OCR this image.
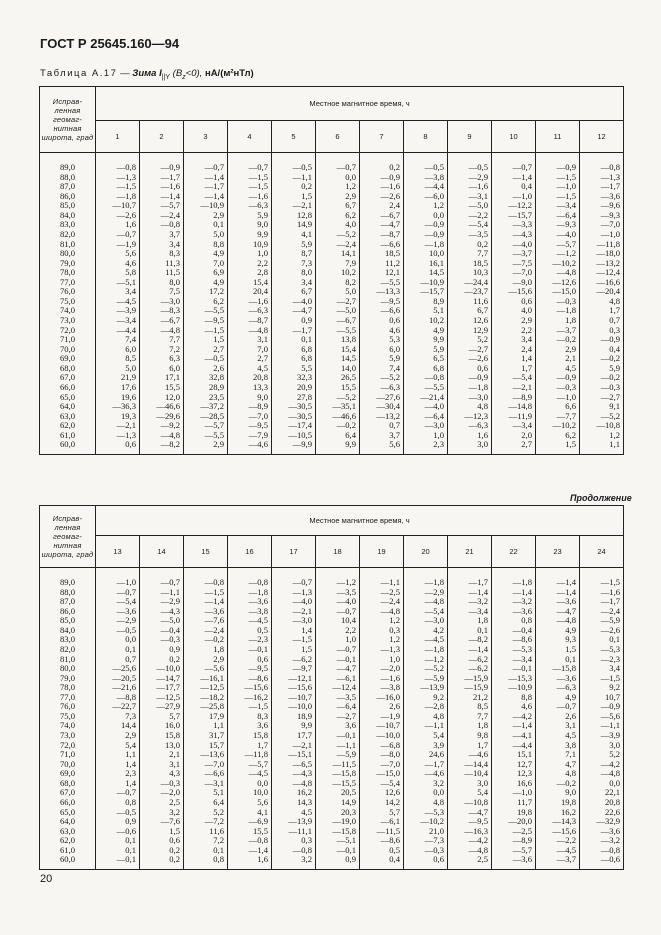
ГОСТ Р 25645.160—94
Таблица А.17 — Зима $I_{||Y}$ $(B_z<0)$, нА/(м²нТл)
Исправ-ленная геомаг-нитная широта, град	Местное магнитное время, ч											
	1	2	3	4	5	6	7	8	9	10	11	12
89,0	—0,8	—0,9	—0,7	—0,7	—0,5	—0,7	0,2	—0,5	—0,5	—0,7	—0,9	—0,8
88,0	—1,3	—1,7	—1,4	—1,5	—1,1	0,0	—0,9	—3,8	—2,9	—1,4	—1,5	—1,3
87,0	—1,5	—1,6	—1,7	—1,5	0,2	1,2	—1,6	—4,4	—1,6	0,4	—1,0	—1,7
86,0	—1,8	—1,4	—1,4	—1,6	1,5	2,9	—2,6	—6,0	—3,1	—1,0	—1,5	—3,6
85,0	—10,7	—5,7	—10,9	—6,3	—2,1	6,7	2,4	1,2	—5,0	—12,2	—3,4	—9,6
84,0	—2,6	—2,4	2,9	5,9	12,8	6,2	—6,7	0,0	—2,2	—15,7	—6,4	—9,3
83,0	1,6	—0,8	0,1	9,0	14,9	4,0	—4,7	—0,9	—5,4	—3,3	—9,3	—7,0
82,0	—0,7	3,7	5,0	9,9	4,1	—5,2	—8,7	—0,9	—3,5	—4,3	—4,0	—1,0
81,0	—1,9	3,4	8,8	10,9	5,9	—2,4	—6,6	—1,8	0,2	—4,0	—5,7	—11,8
80,0	5,6	8,3	4,9	1,0	8,7	14,1	18,5	10,0	7,7	—3,7	—1,2	—18,0
79,0	4,6	11,3	7,0	2,2	7,3	7,9	11,2	16,1	18,5	—7,5	—10,2	—13,2
78,0	5,8	11,5	6,9	2,8	8,0	10,2	12,1	14,5	10,3	—7,0	—4,8	—12,4
77,0	—5,1	8,0	4,9	15,4	3,4	8,2	—5,5	—10,9	—24,4	—9,0	—12,6	—16,6
76,0	3,4	7,5	17,2	20,4	6,7	5,0	—13,3	—15,7	—23,7	—15,6	—15,0	—20,4
75,0	—4,5	—3,0	6,2	—1,6	—4,0	—2,7	—9,5	8,9	11,6	0,6	—0,3	4,8
74,0	—3,9	—8,3	—5,5	—6,3	—4,7	—5,0	—6,6	5,1	6,7	4,0	—1,8	1,7
73,0	—3,4	—6,7	—9,5	—8,7	0,9	—6,7	0,6	10,2	12,6	2,9	1,8	0,7
72,0	—4,4	—4,8	—1,5	—4,8	—1,7	—5,5	4,6	4,9	12,9	2,2	—3,7	0,3
71,0	7,4	7,7	1,5	3,1	0,1	13,8	5,3	9,9	5,2	3,4	—0,2	—0,9
70,0	6,0	7,2	2,7	7,0	6,8	15,4	6,0	5,9	—2,7	2,4	2,9	0,4
69,0	8,5	6,3	—0,5	2,7	6,8	14,5	5,9	6,5	—2,6	1,4	2,1	—0,2
68,0	5,0	6,0	2,6	4,5	5,5	14,0	7,4	6,8	0,6	1,7	4,5	5,9
67,0	21,9	17,1	32,8	20,8	32,3	26,5	—5,2	—0,8	—0,9	—5,4	—0,9	—0,2
66,0	17,6	15,5	28,9	13,3	20,9	15,5	—6,3	—5,5	—1,8	—2,1	—0,3	—0,3
65,0	19,6	12,0	23,5	9,0	27,8	—5,2	—27,6	—21,4	—3,0	—8,9	—1,0	—2,7
64,0	—36,3	—46,6	—37,2	—8,9	—30,5	—35,1	—30,4	—4,0	4,8	—14,8	6,6	9,1
63,0	19,3	—29,6	—28,5	—7,0	—30,5	—46,6	—13,2	—6,4	—12,3	—11,9	—7,7	—5,2
62,0	—2,1	—9,2	—5,7	—9,5	—17,4	—0,2	0,7	—3,0	—6,3	—3,4	—10,2	—10,8
61,0	—1,3	—4,8	—5,5	—7,9	—10,5	6,4	3,7	1,0	1,6	2,0	6,2	1,2
60,0	0,6	—8,2	2,9	—4,6	—9,9	9,9	5,6	2,3	3,0	2,7	1,5	1,1
Продолжение
Исправ-ленная геомаг-нитная широта, град	Местное магнитное время, ч											
	13	14	15	16	17	18	19	20	21	22	23	24
89,0	—1,0	—0,7	—0,8	—0,8	—0,7	—1,2	—1,1	—1,8	—1,7	—1,8	—1,4	—1,5
88,0	—0,7	—1,1	—1,5	—1,8	—1,3	—3,5	—2,5	—2,9	—1,4	—1,4	—1,4	—1,6
87,0	—5,4	—2,9	—1,4	—3,6	—4,0	—4,0	—2,4	—4,8	—3,2	—3,2	—3,6	—1,7
86,0	—3,6	—4,3	—3,6	—3,8	—2,1	—0,7	—4,8	—5,4	—3,4	—3,6	—4,7	—2,4
85,0	—2,9	—5,0	—7,6	—4,5	—3,0	10,4	1,2	—3,0	1,8	0,8	—4,8	—5,9
84,0	—0,5	—0,4	—2,4	0,5	1,4	2,2	0,3	4,2	0,1	—0,4	4,9	—2,6
83,0	0,0	—0,3	—0,2	—2,3	—1,5	1,0	1,2	—4,5	—8,2	—8,6	9,3	0,1
82,0	0,1	0,9	1,8	—0,1	1,5	—0,7	—1,3	—1,8	—1,4	—5,3	1,5	—5,3
81,0	0,7	0,2	2,9	0,6	—6,2	—0,1	1,0	—1,2	—6,2	—3,4	0,1	—2,3
80,0	—25,6	—10,0	—5,6	—9,5	—9,7	—4,7	—2,0	—5,2	—6,2	—0,1	—15,8	3,4
79,0	—20,5	—14,7	—16,1	—8,6	—12,1	—6,1	—1,6	—5,9	—15,9	—15,3	—3,6	—1,5
78,0	—21,6	—17,7	—12,5	—15,6	—15,6	—12,4	—3,8	—13,9	—15,9	—10,9	—6,3	9,2
77,0	—8,8	—12,5	—18,2	—16,2	—10,7	—3,5	—16,0	9,2	21,2	8,8	4,9	10,7
76,0	—22,7	—27,9	—25,8	—1,5	—10,0	—6,4	2,6	—2,8	8,5	4,6	—0,7	—0,9
75,0	7,3	5,7	17,9	8,3	18,9	—2,7	—1,9	4,8	7,7	—4,2	2,6	—5,6
74,0	14,4	16,0	1,1	3,6	9,9	3,6	—10,7	—1,1	1,8	—1,4	3,1	—1,1
73,0	2,9	15,8	31,7	15,8	17,7	—0,1	—10,0	5,4	9,8	—4,1	4,5	—3,9
72,0	5,4	13,0	15,7	1,7	—2,1	—1,1	—6,8	3,9	1,7	—4,4	3,8	3,0
71,0	1,1	2,1	—13,6	—11,8	—15,1	—5,9	—8,0	24,6	—4,6	15,1	7,1	5,2
70,0	1,4	3,1	—7,0	—5,7	—6,5	—11,5	—7,0	—1,7	—14,4	12,7	4,7	—4,2
69,0	2,3	4,3	—6,6	—4,5	—4,3	—15,8	—15,0	—4,6	—10,4	12,3	4,8	—4,8
68,0	1,4	—0,3	—3,1	0,0	—4,8	—15,5	—5,4	3,2	3,0	16,6	—0,2	0,0
67,0	—0,7	—2,0	5,1	10,0	16,2	20,5	12,6	0,0	5,4	—1,0	9,0	22,1
66,0	0,8	2,5	6,4	5,6	14,3	14,9	14,2	4,8	—10,8	11,7	19,8	20,8
65,0	—0,5	3,2	5,2	4,1	4,5	20,3	5,7	—5,3	—4,7	19,8	16,2	22,6
64,0	0,9	—7,6	—7,2	—6,9	—13,9	—19,0	—6,1	—10,2	—9,5	—20,0	—14,3	—32,9
63,0	—0,6	1,5	11,6	15,5	—11,1	—15,8	—11,5	21,0	—16,3	—2,5	—15,6	—3,6
62,0	0,1	0,6	7,2	—0,8	0,3	—5,1	—8,6	—7,3	—4,2	—8,9	—2,2	—3,2
61,0	0,1	0,2	0,1	—1,4	—0,8	—0,1	0,5	—0,3	—4,8	—5,7	—4,5	—0,8
60,0	—0,1	0,2	0,8	1,6	3,2	0,9	0,4	0,6	2,5	—3,6	—3,7	—0,6
20
